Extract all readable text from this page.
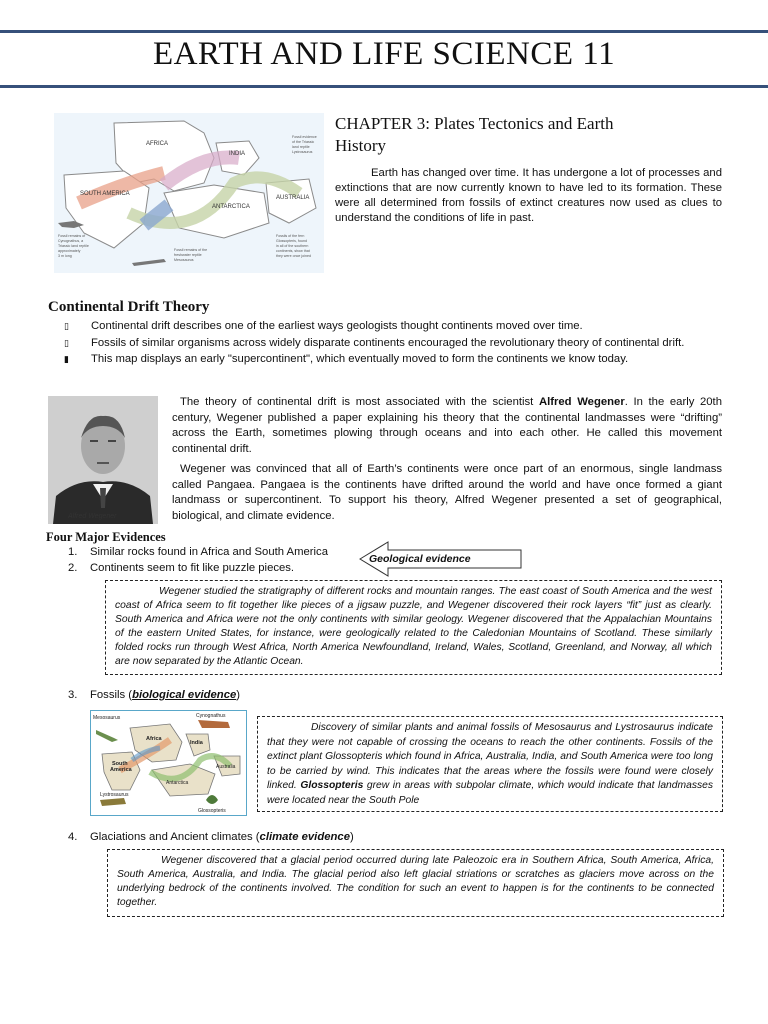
EARTH AND LIFE SCIENCE 11
AFRICA
INDIA
SOUTH AMERICA
ANTARCTICA
AUSTRALIA
Fossil evidence of the Triassic land reptile Lystrosaurus
Fossil remains of Cynognathus, a Triassic land reptile approximately 3 m long
Fossil remains of the freshwater reptile Mesosaurus
Fossils of the fern Glossopteris, found in all of the southern continents, show that they were once joined
CHAPTER 3: Plates Tectonics and Earth
History
Earth has changed over time. It has undergone a lot of processes and extinctions that are now currently known to have led to its formation. These were all determined from fossils of extinct creatures now used as clues to understand the conditions of life in past.
Continental Drift Theory
▯	Continental drift describes one of the earliest ways geologists thought continents moved over time.
▯	Fossils of similar organisms across widely disparate continents encouraged the revolutionary theory of continental drift.
▮	This map displays an early "supercontinent", which eventually moved to form the continents we know today.
Alfred Wegener
The theory of continental drift is most associated with the scientist Alfred Wegener. In the early 20th century, Wegener published a paper explaining his theory that the continental landmasses were “drifting” across the Earth, sometimes plowing through oceans and into each other. He called this movement continental drift.
Wegener was convinced that all of Earth’s continents were once part of an enormous, single landmass called Pangaea. Pangaea is the continents have drifted around the world and have once formed a giant landmass or supercontinent. To support his theory, Alfred Wegener presented a set of geographical, biological, and climate evidence.
Four Major Evidences
1. Similar rocks found in Africa and South America
2. Continents seem to fit like puzzle pieces.
Geological evidence
Wegener studied the stratigraphy of different rocks and mountain ranges. The east coast of South America and the west coast of Africa seem to fit together like pieces of a jigsaw puzzle, and Wegener discovered their rock layers “fit” just as clearly. South America and Africa were not the only continents with similar geology. Wegener discovered that the Appalachian Mountains of the eastern United States, for instance, were geologically related to the Caledonian Mountains of Scotland. These similarly folded rocks run through West Africa, North America Newfoundland, Ireland, Wales, Scotland, Greenland, and Norway, all which are now separated by the Atlantic Ocean.
3. Fossils (biological evidence)
Mesosaurus	Cynognathus
Africa
India
South America	Australia
Antarctica
Lystrosaurus
Glossopteris
Discovery of similar plants and animal fossils of Mesosaurus and Lystrosaurus indicate that they were not capable of crossing the oceans to reach the other continents. Fossils of the extinct plant Glossopteris which found in Africa, Australia, India, and South America were too long to be carried by wind. This indicates that the areas where the fossils were found were closely linked. Glossopteris grew in areas with subpolar climate, which would indicate that landmasses were located near the South Pole
4. Glaciations and Ancient climates (climate evidence)
Wegener discovered that a glacial period occurred during late Paleozoic era in Southern Africa, South America, Africa, South America, Australia, and India. The glacial period also left glacial striations or scratches as glaciers move across on the underlying bedrock of the continents involved. The condition for such an event to happen is for the continents to be connected together.
